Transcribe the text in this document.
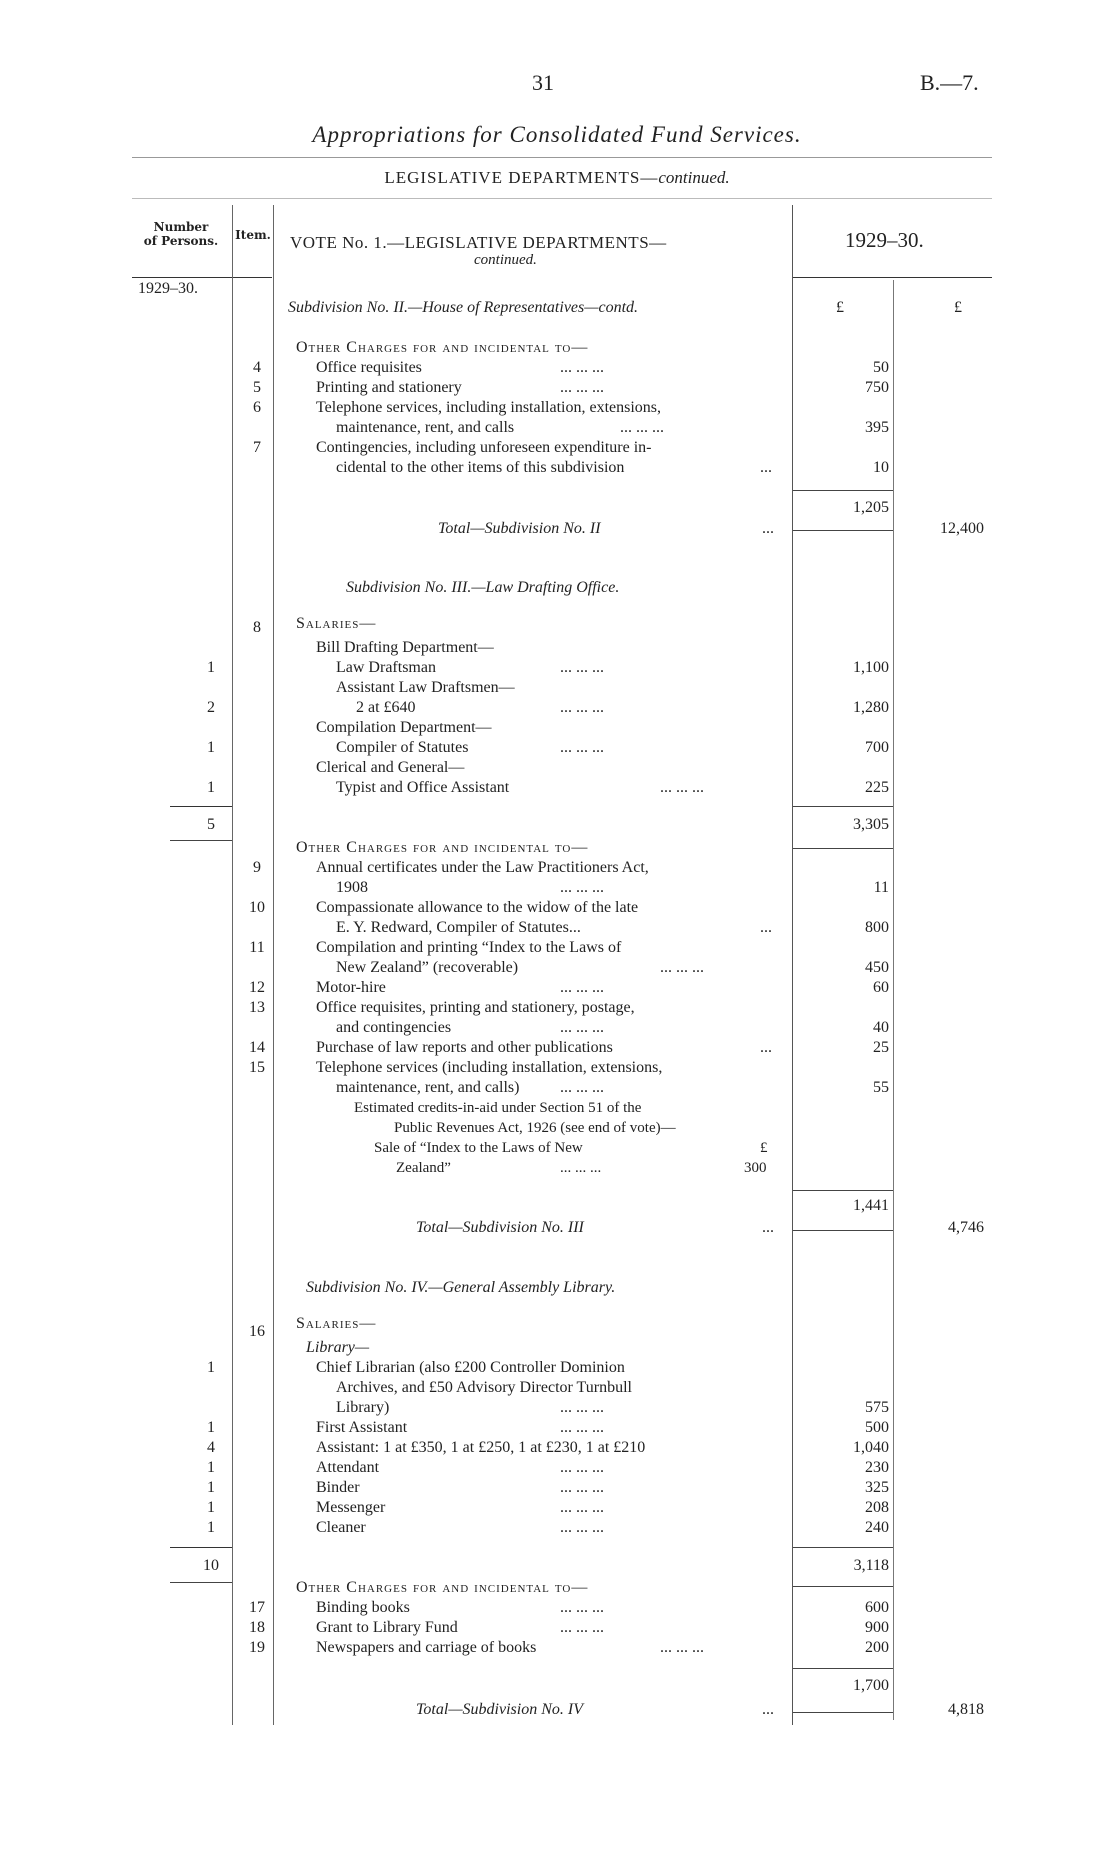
31	B.—7.
Appropriations for Consolidated Fund Services.
LEGISLATIVE DEPARTMENTS—continued.
Number
of Persons.	Item. VOTE No. 1.—LEGISLATIVE DEPARTMENTS—
continued.
1929–30.
1929–30.
£	£
Subdivision No. II.—House of Representatives—contd.
Other Charges for and incidental to—
4	Office requisites	... ... ...	50
5	Printing and stationery	... ... ...	750
6	Telephone services, including installation, extensions,
maintenance, rent, and calls	... ... ...	395
7	Contingencies, including unforeseen expenditure in-
cidental to the other items of this subdivision	...	10
1,205
Total—Subdivision No. II	...	12,400
Subdivision No. III.—Law Drafting Office.
8	Salaries—
Bill Drafting Department—
1	Law Draftsman	... ... ...	1,100
Assistant Law Draftsmen—
2	2 at £640	... ... ...	1,280
Compilation Department—
1	Compiler of Statutes	... ... ...	700
Clerical and General—
1	Typist and Office Assistant	... ... ...	225
5	3,305
Other Charges for and incidental to—
9	Annual certificates under the Law Practitioners Act,
1908	... ... ...	11
10	Compassionate allowance to the widow of the late
E. Y. Redward, Compiler of Statutes...	...	800
11	Compilation and printing “Index to the Laws of
New Zealand” (recoverable)	... ... ...	450
12	Motor-hire	... ... ...	60
13	Office requisites, printing and stationery, postage,
and contingencies	... ... ...	40
14	Purchase of law reports and other publications	...	25
15	Telephone services (including installation, extensions,
maintenance, rent, and calls)	... ... ...	55
Estimated credits-in-aid under Section 51 of the
Public Revenues Act, 1926 (see end of vote)—
Sale of “Index to the Laws of New	£
Zealand”	... ... ...	300
1,441
Total—Subdivision No. III	...	4,746
Subdivision No. IV.—General Assembly Library.
16	Salaries—
Library—
1	Chief Librarian (also £200 Controller Dominion
Archives, and £50 Advisory Director Turnbull
Library)	... ... ...	575
1	First Assistant	... ... ...	500
4	Assistant: 1 at £350, 1 at £250, 1 at £230, 1 at £210	1,040
1	Attendant	... ... ...	230
1	Binder	... ... ...	325
1	Messenger	... ... ...	208
1	Cleaner	... ... ...	240
10	3,118
Other Charges for and incidental to—
17	Binding books	... ... ...	600
18	Grant to Library Fund	... ... ...	900
19	Newspapers and carriage of books	... ... ...	200
1,700
Total—Subdivision No. IV	...	4,818
